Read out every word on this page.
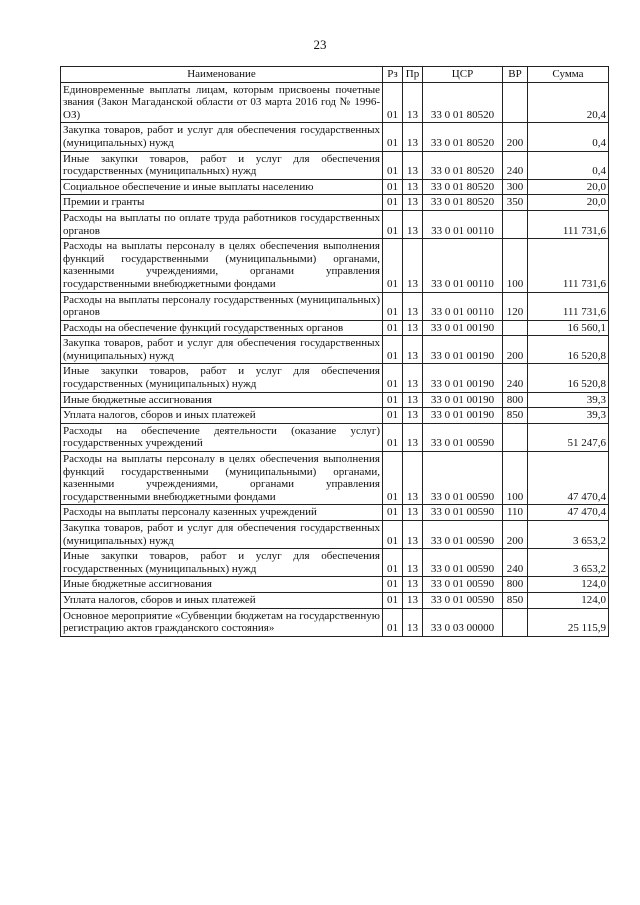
23
Наименование	Рз	Пр	ЦСР	ВР	Сумма
Единовременные выплаты лицам, которым присвоены почетные звания (Закон Магаданской области от 03 марта 2016 год № 1996-ОЗ)	01	13	33 0 01 80520		20,4
Закупка товаров, работ и услуг для обеспечения государственных (муниципальных) нужд	01	13	33 0 01 80520	200	0,4
Иные закупки товаров, работ и услуг для обеспечения государственных (муниципальных) нужд	01	13	33 0 01 80520	240	0,4
Социальное обеспечение и иные выплаты населению	01	13	33 0 01 80520	300	20,0
Премии и гранты	01	13	33 0 01 80520	350	20,0
Расходы на выплаты по оплате труда работников государственных органов	01	13	33 0 01 00110		111 731,6
Расходы на выплаты персоналу в целях обеспечения выполнения функций государственными (муниципальными) органами, казенными учреждениями, органами управления государственными внебюджетными фондами	01	13	33 0 01 00110	100	111 731,6
Расходы на выплаты персоналу государственных (муниципальных) органов	01	13	33 0 01 00110	120	111 731,6
Расходы на обеспечение функций государственных органов	01	13	33 0 01 00190		16 560,1
Закупка товаров, работ и услуг для обеспечения государственных (муниципальных) нужд	01	13	33 0 01 00190	200	16 520,8
Иные закупки товаров, работ и услуг для обеспечения государственных (муниципальных) нужд	01	13	33 0 01 00190	240	16 520,8
Иные бюджетные ассигнования	01	13	33 0 01 00190	800	39,3
Уплата налогов, сборов и иных платежей	01	13	33 0 01 00190	850	39,3
Расходы на обеспечение деятельности (оказание услуг) государственных учреждений	01	13	33 0 01 00590		51 247,6
Расходы на выплаты персоналу в целях обеспечения выполнения функций государственными (муниципальными) органами, казенными учреждениями, органами управления государственными внебюджетными фондами	01	13	33 0 01 00590	100	47 470,4
Расходы на выплаты персоналу казенных учреждений	01	13	33 0 01 00590	110	47 470,4
Закупка товаров, работ и услуг для обеспечения государственных (муниципальных) нужд	01	13	33 0 01 00590	200	3 653,2
Иные закупки товаров, работ и услуг для обеспечения государственных (муниципальных) нужд	01	13	33 0 01 00590	240	3 653,2
Иные бюджетные ассигнования	01	13	33 0 01 00590	800	124,0
Уплата налогов, сборов и иных платежей	01	13	33 0 01 00590	850	124,0
Основное мероприятие «Субвенции бюджетам на государственную регистрацию актов гражданского состояния»	01	13	33 0 03 00000		25 115,9
